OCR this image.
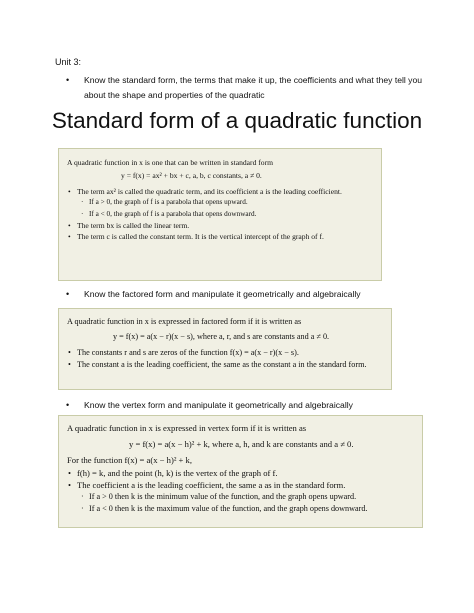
Unit 3:
•	Know the standard form, the terms that make it up, the coefficients and what they tell you about the shape and properties of the quadratic
Standard form of a quadratic function
A quadratic function in x is one that can be written in standard form
y = f(x) = ax² + bx + c, a, b, c constants, a ≠ 0.
• The term ax² is called the quadratic term, and its coefficient a is the leading coefficient.
· If a > 0, the graph of f is a parabola that opens upward.
· If a < 0, the graph of f is a parabola that opens downward.
• The term bx is called the linear term.
• The term c is called the constant term. It is the vertical intercept of the graph of f.
•	Know the factored form and manipulate it geometrically and algebraically
A quadratic function in x is expressed in factored form if it is written as
y = f(x) = a(x − r)(x − s), where a, r, and s are constants and a ≠ 0.
• The constants r and s are zeros of the function f(x) = a(x − r)(x − s).
• The constant a is the leading coefficient, the same as the constant a in the standard form.
•	Know the vertex form and manipulate it geometrically and algebraically
A quadratic function in x is expressed in vertex form if it is written as
y = f(x) = a(x − h)² + k, where a, h, and k are constants and a ≠ 0.
For the function f(x) = a(x − h)² + k,
• f(h) = k, and the point (h, k) is the vertex of the graph of f.
• The coefficient a is the leading coefficient, the same a as in the standard form.
· If a > 0 then k is the minimum value of the function, and the graph opens upward.
· If a < 0 then k is the maximum value of the function, and the graph opens downward.
